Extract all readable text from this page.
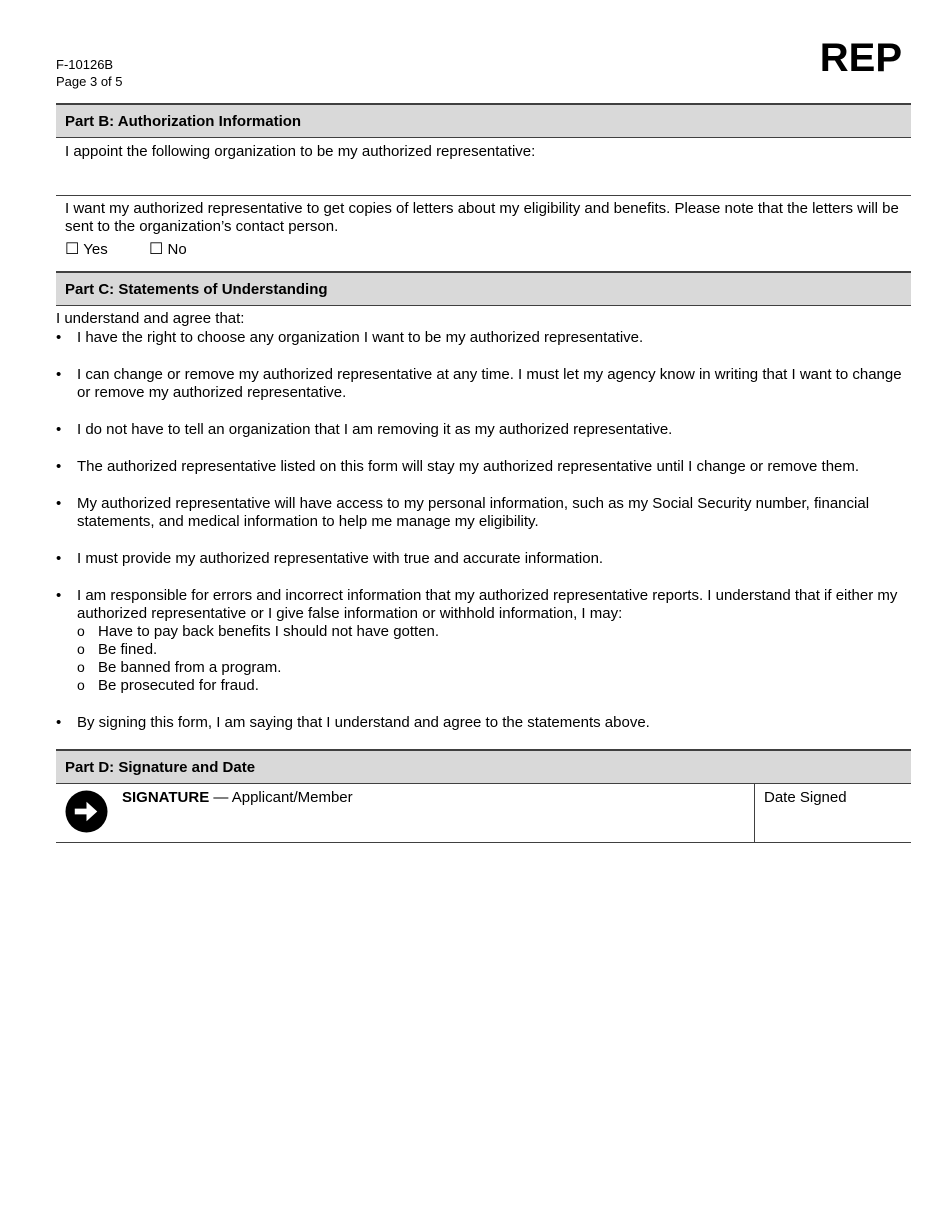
F-10126B
Page 3 of 5
REP
Part B: Authorization Information
I appoint the following organization to be my authorized representative:
I want my authorized representative to get copies of letters about my eligibility and benefits. Please note that the letters will be sent to the organization’s contact person.
☐ Yes	☐ No
Part C: Statements of Understanding
I understand and agree that:
• I have the right to choose any organization I want to be my authorized representative.
• I can change or remove my authorized representative at any time. I must let my agency know in writing that I want to change or remove my authorized representative.
• I do not have to tell an organization that I am removing it as my authorized representative.
• The authorized representative listed on this form will stay my authorized representative until I change or remove them.
• My authorized representative will have access to my personal information, such as my Social Security number, financial statements, and medical information to help me manage my eligibility.
• I must provide my authorized representative with true and accurate information.
• I am responsible for errors and incorrect information that my authorized representative reports. I understand that if either my authorized representative or I give false information or withhold information, I may:
o Have to pay back benefits I should not have gotten.
o Be fined.
o Be banned from a program.
o Be prosecuted for fraud.
• By signing this form, I am saying that I understand and agree to the statements above.
Part D: Signature and Date
SIGNATURE — Applicant/Member	Date Signed
